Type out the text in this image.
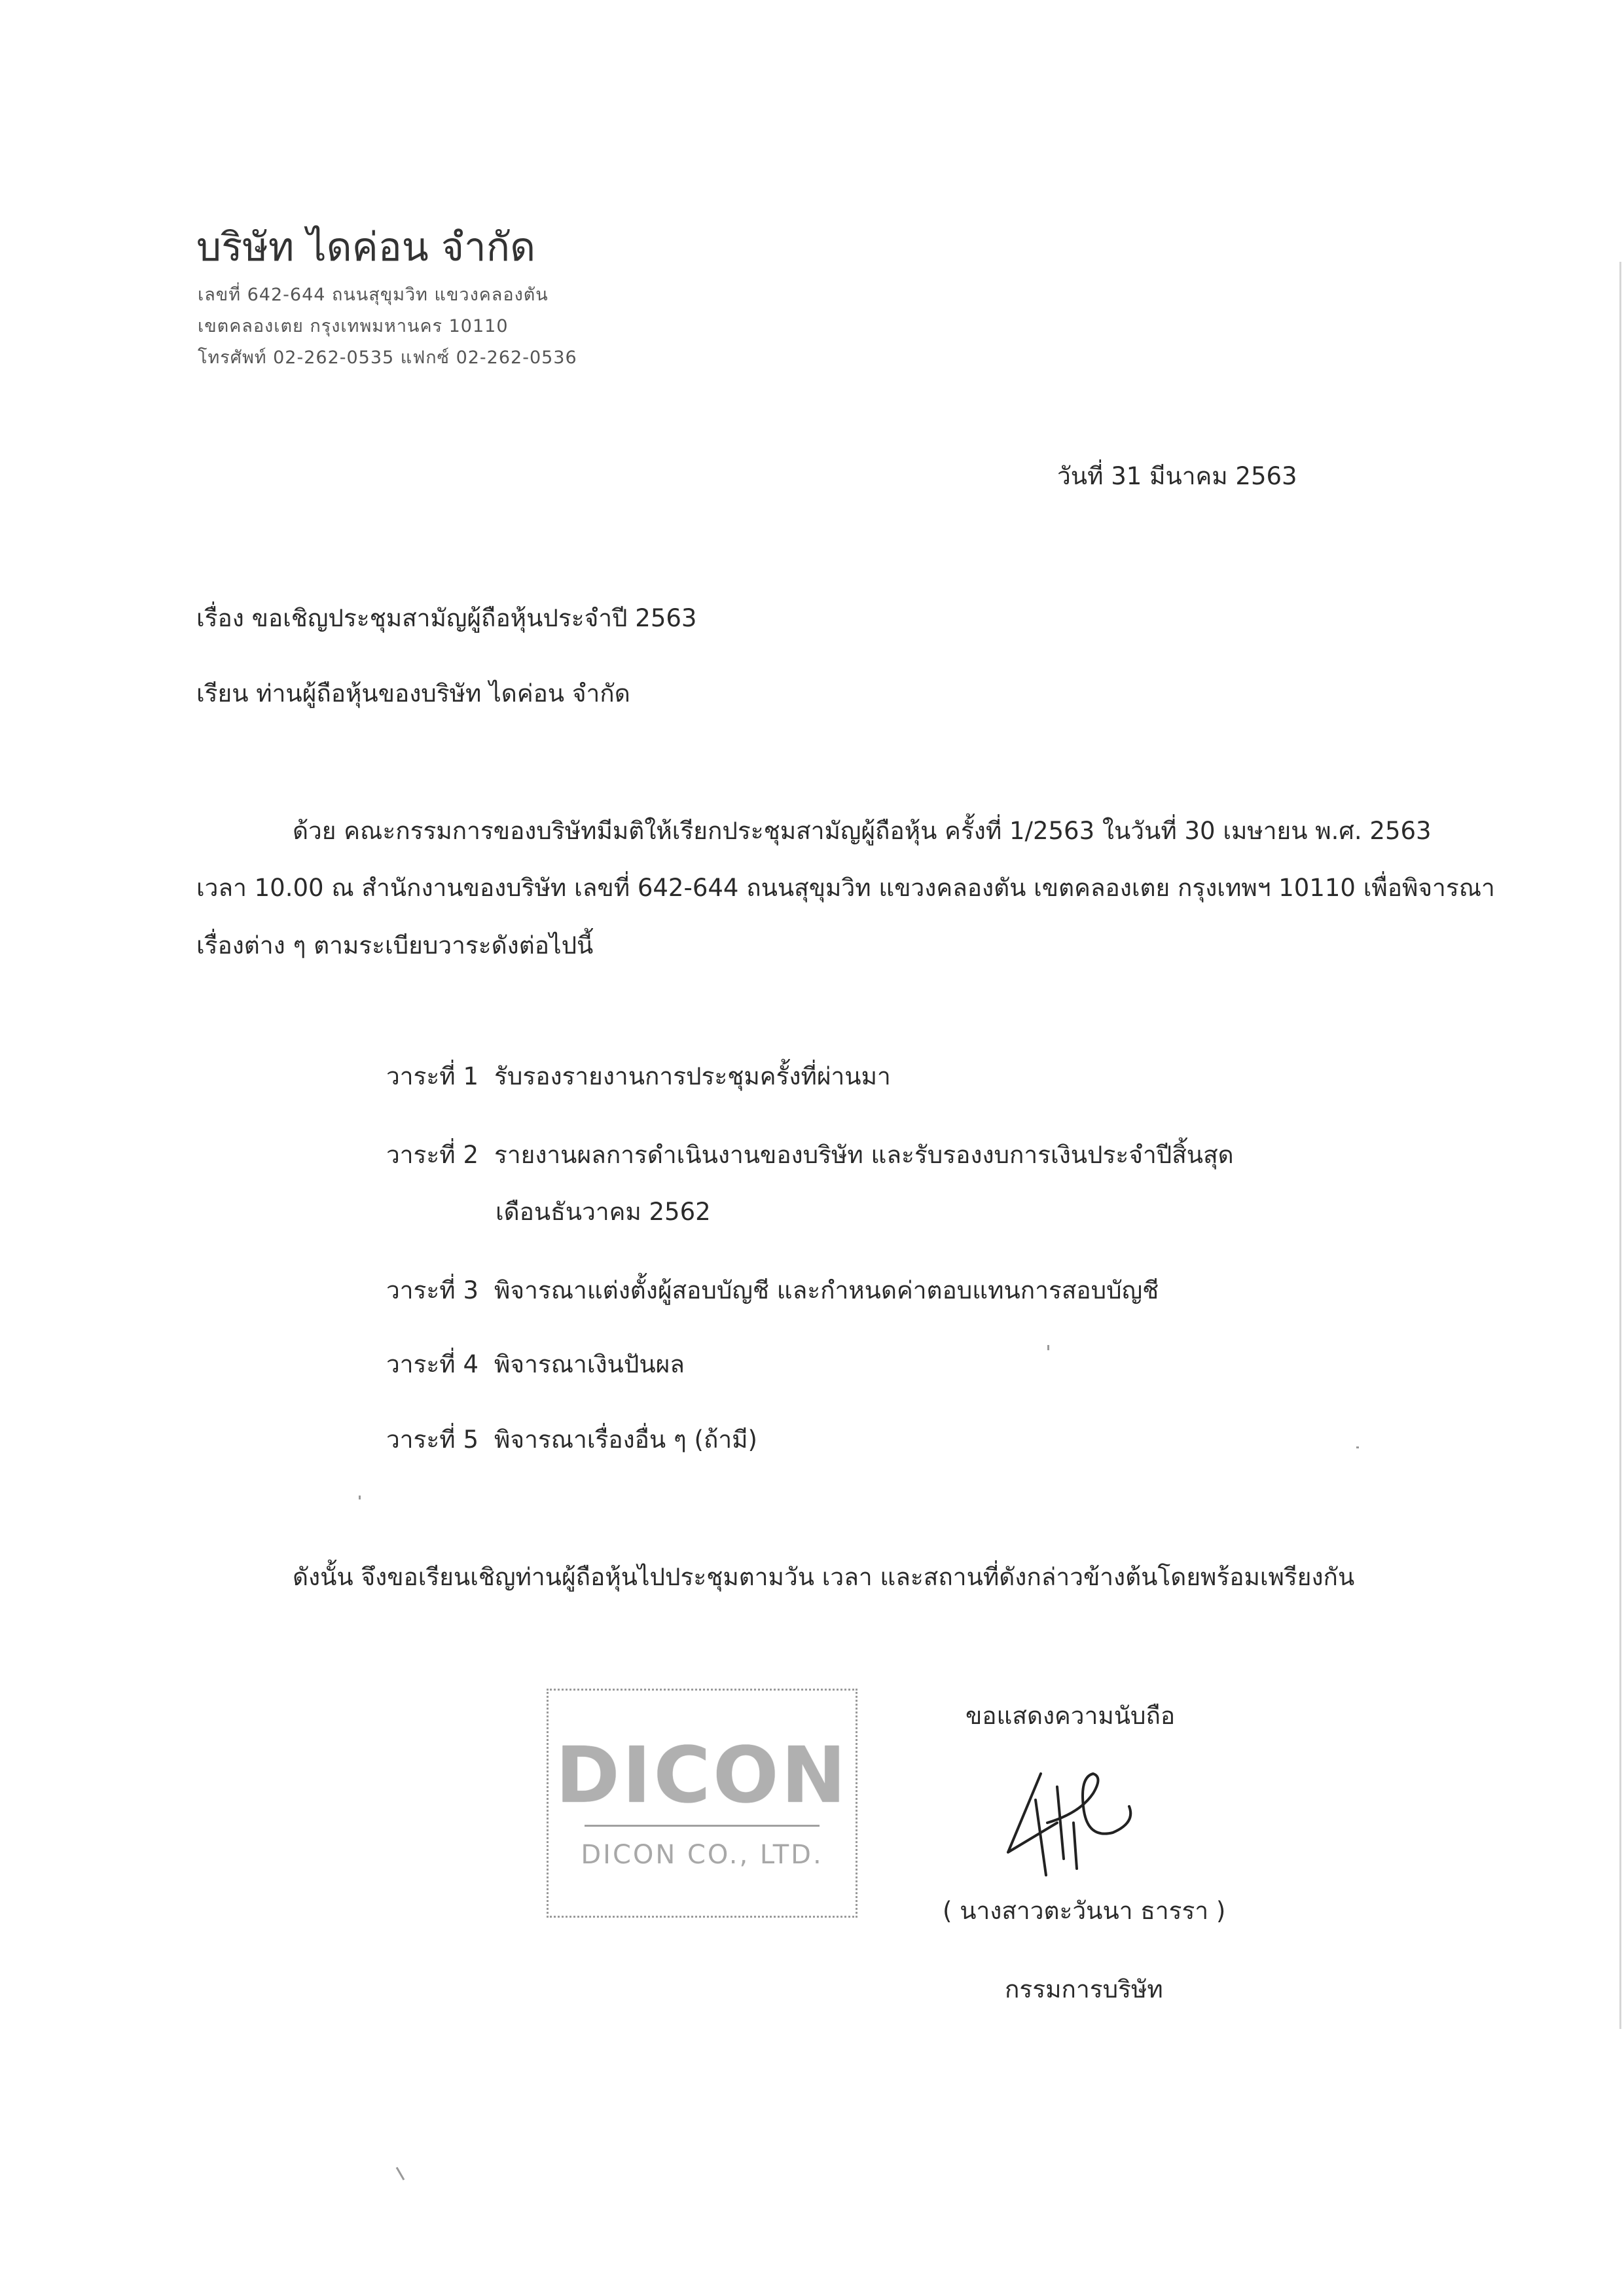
บริษัท ไดค่อน จำกัด
เลขที่ 642-644 ถนนสุขุมวิท แขวงคลองตัน
เขตคลองเตย กรุงเทพมหานคร 10110
โทรศัพท์ 02-262-0535 แฟกซ์ 02-262-0536
วันที่ 31 มีนาคม 2563
เรื่อง ขอเชิญประชุมสามัญผู้ถือหุ้นประจำปี 2563
เรียน ท่านผู้ถือหุ้นของบริษัท ไดค่อน จำกัด
ด้วย คณะกรรมการของบริษัทมีมติให้เรียกประชุมสามัญผู้ถือหุ้น ครั้งที่ 1/2563 ในวันที่ 30 เมษายน พ.ศ. 2563
เวลา 10.00 ณ สำนักงานของบริษัท เลขที่ 642-644 ถนนสุขุมวิท แขวงคลองตัน เขตคลองเตย กรุงเทพฯ 10110 เพื่อพิจารณา
เรื่องต่าง ๆ ตามระเบียบวาระดังต่อไปนี้
วาระที่ 1 รับรองรายงานการประชุมครั้งที่ผ่านมา
วาระที่ 2 รายงานผลการดำเนินงานของบริษัท และรับรองงบการเงินประจำปีสิ้นสุด
เดือนธันวาคม 2562
วาระที่ 3 พิจารณาแต่งตั้งผู้สอบบัญชี และกำหนดค่าตอบแทนการสอบบัญชี
วาระที่ 4 พิจารณาเงินปันผล
วาระที่ 5 พิจารณาเรื่องอื่น ๆ (ถ้ามี)
ดังนั้น จึงขอเรียนเชิญท่านผู้ถือหุ้นไปประชุมตามวัน เวลา และสถานที่ดังกล่าวข้างต้นโดยพร้อมเพรียงกัน
DICON
DICON CO., LTD.
ขอแสดงความนับถือ
( นางสาวตะวันนา ธารรา )
กรรมการบริษัท
